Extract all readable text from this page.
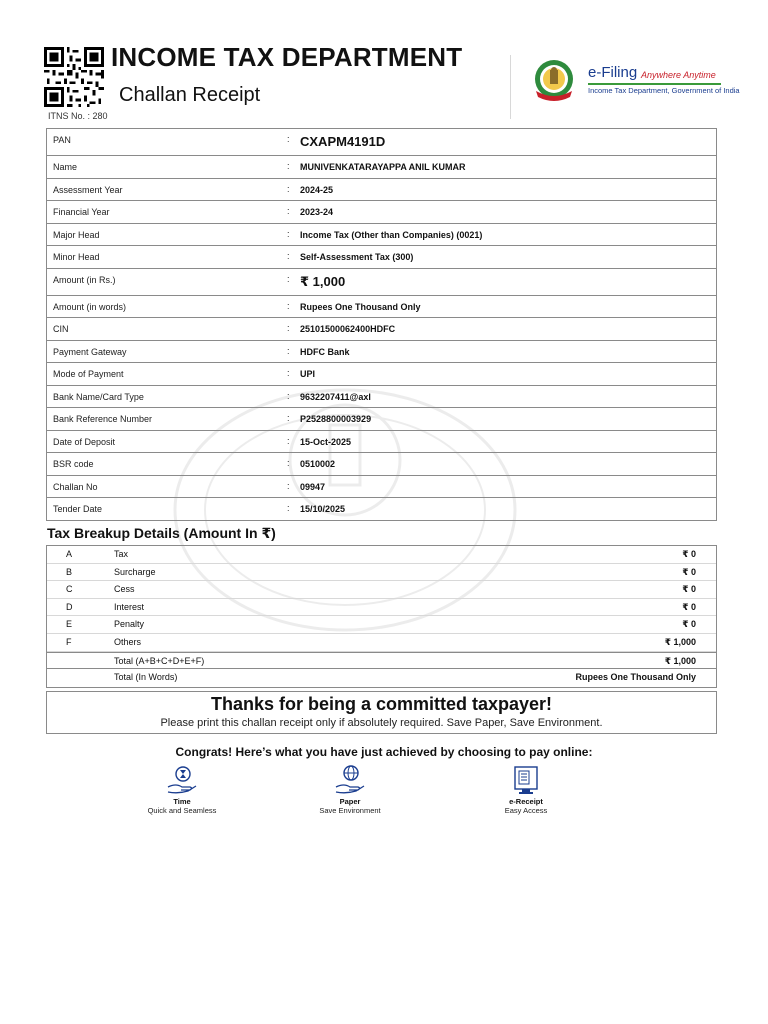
INCOME TAX DEPARTMENT
Challan Receipt
ITNS No. : 280
e-Filing Anywhere Anytime
Income Tax Department, Government of India
PAN	: CXAPM4191D
Name	: MUNIVENKATARAYAPPA ANIL KUMAR
Assessment Year	: 2024-25
Financial Year	: 2023-24
Major Head	: Income Tax (Other than Companies) (0021)
Minor Head	: Self-Assessment Tax (300)
Amount (in Rs.)	: ₹ 1,000
Amount (in words)	: Rupees One Thousand Only
CIN	: 25101500062400HDFC
Payment Gateway	: HDFC Bank
Mode of Payment	: UPI
Bank Name/Card Type	: 9632207411@axl
Bank Reference Number	: P2528800003929
Date of Deposit	: 15-Oct-2025
BSR code	: 0510002
Challan No	: 09947
Tender Date	: 15/10/2025
Tax Breakup Details (Amount In ₹)
A	Tax	₹ 0
B	Surcharge	₹ 0
C	Cess	₹ 0
D	Interest	₹ 0
E	Penalty	₹ 0
F	Others	₹ 1,000
Total (A+B+C+D+E+F)	₹ 1,000
Total (In Words)	Rupees One Thousand Only
Thanks for being a committed taxpayer!
Please print this challan receipt only if absolutely required. Save Paper, Save Environment.
Congrats! Here’s what you have just achieved by choosing to pay online:
Time
Quick and Seamless
Paper
Save Environment
e-Receipt
Easy Access
